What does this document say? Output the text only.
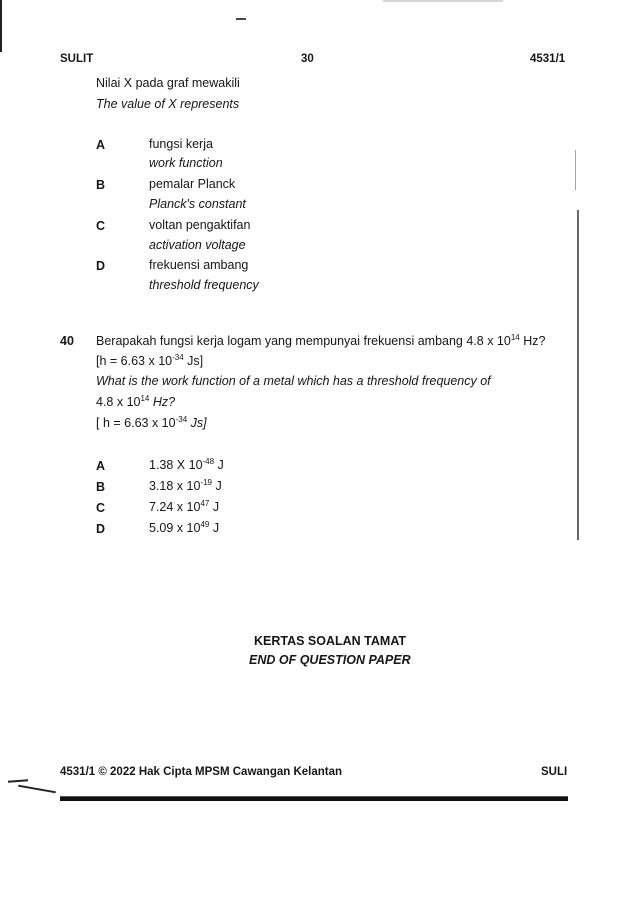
SULIT	30	4531/1
Nilai X pada graf mewakili
The value of X represents
A	fungsi kerja
work function
B	pemalar Planck
Planck's constant
C	voltan pengaktifan
activation voltage
D	frekuensi ambang
threshold frequency
40 Berapakah fungsi kerja logam yang mempunyai frekuensi ambang 4.8 x $10^{14}$ Hz?
[h = 6.63 x $10^{-34}$ Js]
What is the work function of a metal which has a threshold frequency of
4.8 x $10^{14}$ Hz?
[ h = 6.63 x $10^{-34}$ Js]
A	1.38 X $10^{-48}$ J
B	3.18 x $10^{-19}$ J
C	7.24 x $10^{47}$ J
D	5.09 x $10^{49}$ J
KERTAS SOALAN TAMAT
END OF QUESTION PAPER
4531/1 © 2022 Hak Cipta MPSM Cawangan Kelantan	SULI
